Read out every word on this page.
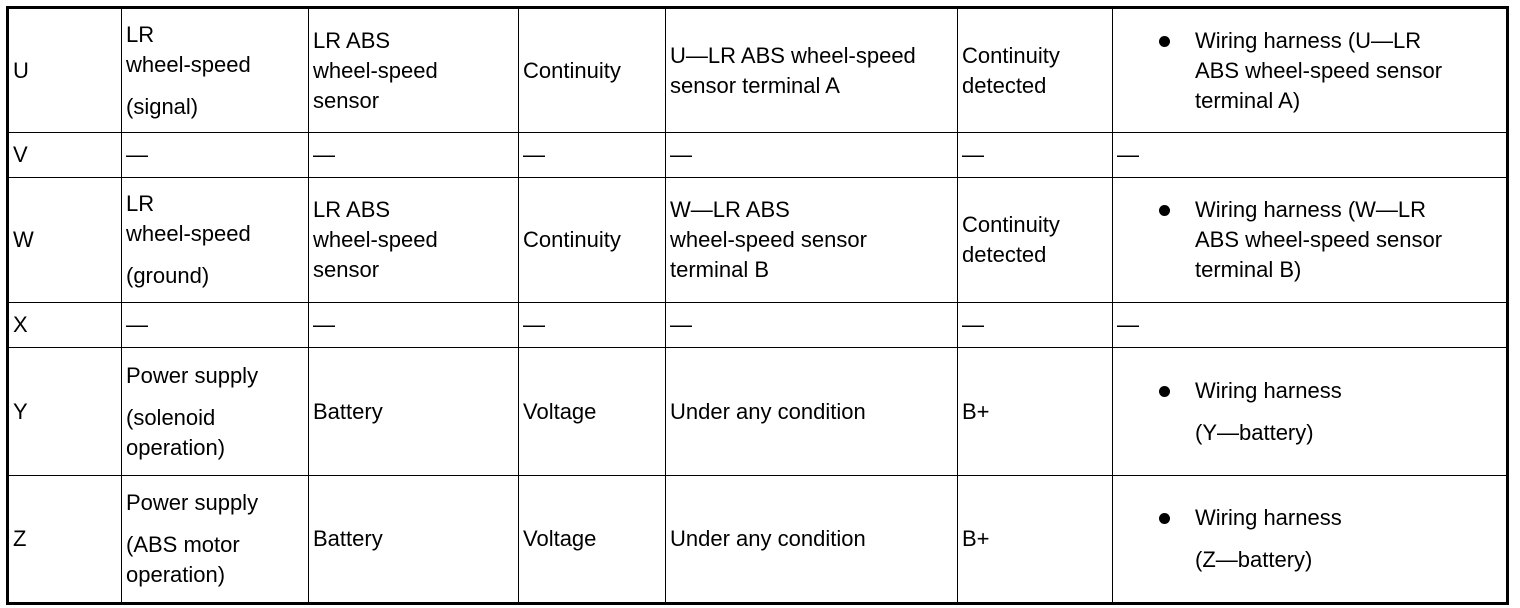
U	LR
wheel-speed
(signal)	LR ABS
wheel-speed
sensor	Continuity	U—LR ABS wheel-speed
sensor terminal A	Continuity
detected	Wiring harness (U—LR
ABS wheel-speed sensor
terminal A)

V	—	—	—	—	—	—
W	LR
wheel-speed
(ground)	LR ABS
wheel-speed
sensor	Continuity	W—LR ABS
wheel-speed sensor
terminal B	Continuity
detected	Wiring harness (W—LR
ABS wheel-speed sensor
terminal B)

X	—	—	—	—	—	—
Y	Power supply
(solenoid
operation)	Battery	Voltage	Under any condition	B+	Wiring harness
(Y—battery)

Z	Power supply
(ABS motor
operation)	Battery	Voltage	Under any condition	B+	Wiring harness
(Z—battery)
